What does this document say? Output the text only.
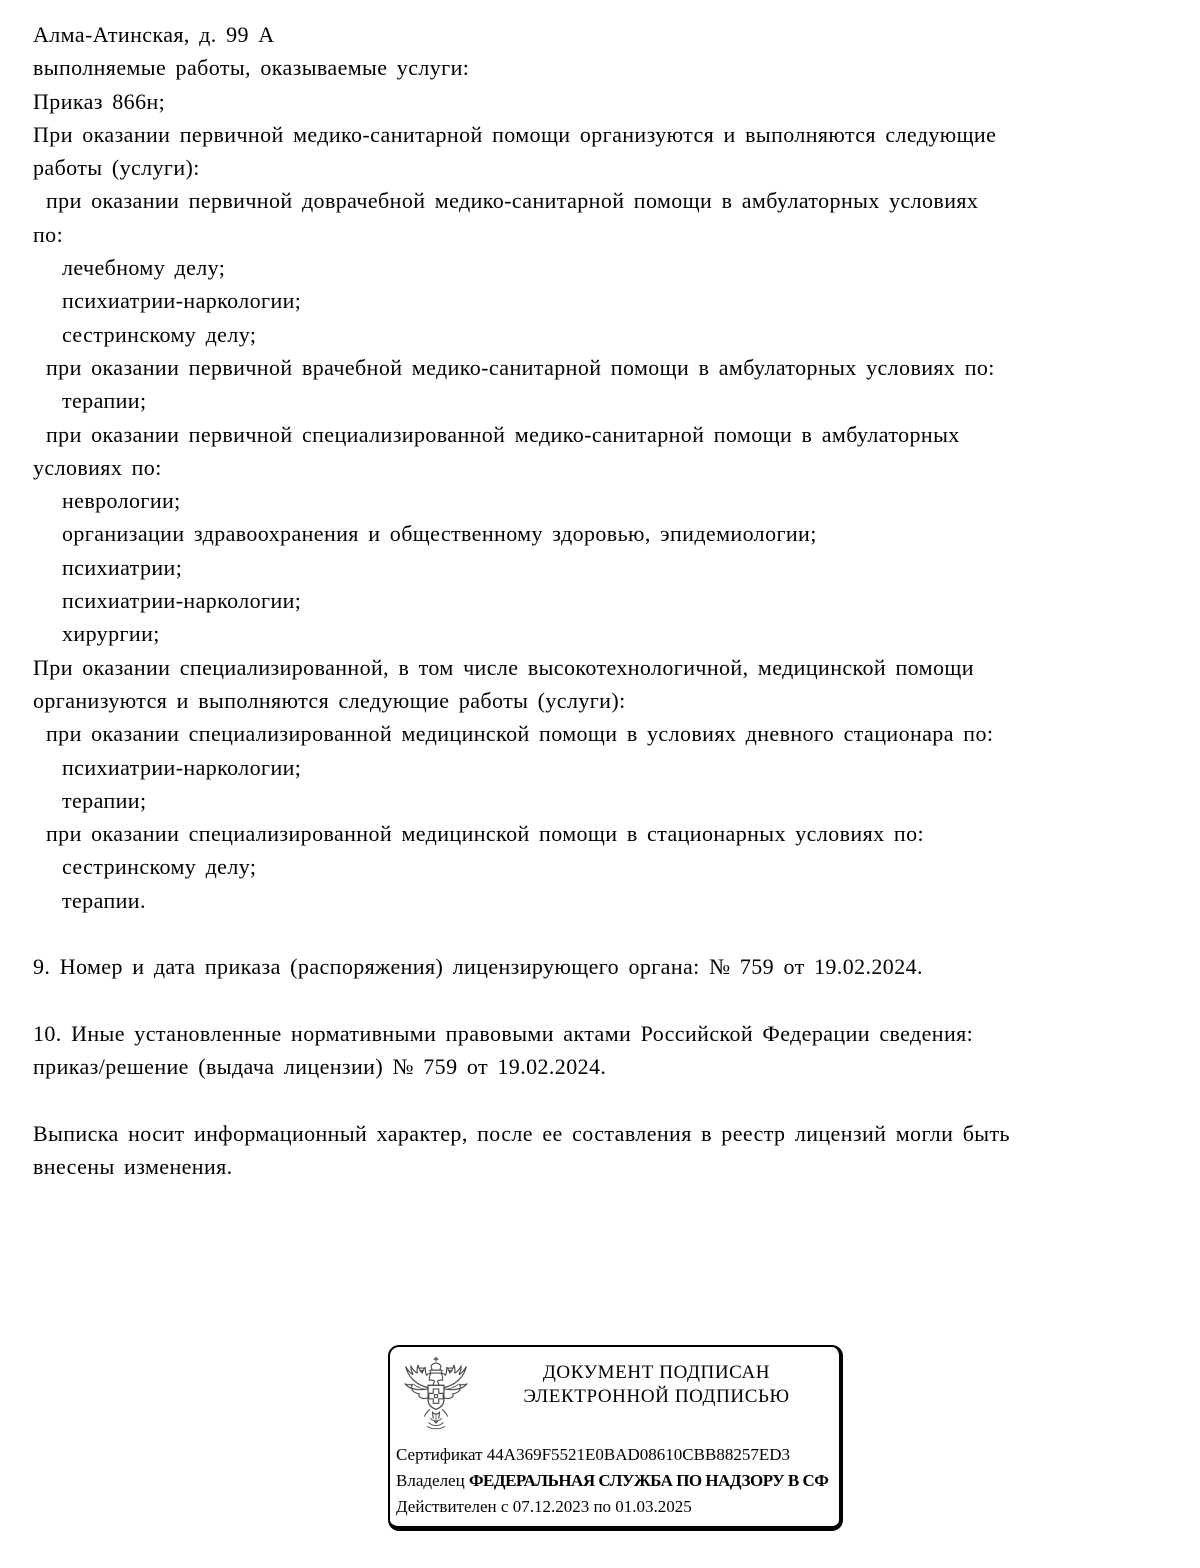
Алма-Атинская, д. 99 А
выполняемые работы, оказываемые услуги:
Приказ 866н;
При оказании первичной медико-санитарной помощи организуются и выполняются следующие
работы (услуги):
при оказании первичной доврачебной медико-санитарной помощи в амбулаторных условиях
по:
лечебному делу;
психиатрии-наркологии;
сестринскому делу;
при оказании первичной врачебной медико-санитарной помощи в амбулаторных условиях по:
терапии;
при оказании первичной специализированной медико-санитарной помощи в амбулаторных
условиях по:
неврологии;
организации здравоохранения и общественному здоровью, эпидемиологии;
психиатрии;
психиатрии-наркологии;
хирургии;
При оказании специализированной, в том числе высокотехнологичной, медицинской помощи
организуются и выполняются следующие работы (услуги):
при оказании специализированной медицинской помощи в условиях дневного стационара по:
психиатрии-наркологии;
терапии;
при оказании специализированной медицинской помощи в стационарных условиях по:
сестринскому делу;
терапии.

9. Номер и дата приказа (распоряжения) лицензирующего органа: № 759 от 19.02.2024.

10. Иные установленные нормативными правовыми актами Российской Федерации сведения:
приказ/решение (выдача лицензии) № 759 от 19.02.2024.

Выписка носит информационный характер, после ее составления в реестр лицензий могли быть
внесены изменения.
ДОКУМЕНТ ПОДПИСАН
ЭЛЕКТРОННОЙ ПОДПИСЬЮ
Сертификат 44A369F5521E0BAD08610CBB88257ED3
Владелец ФЕДЕРАЛЬНАЯ СЛУЖБА ПО НАДЗОРУ В СФ
Действителен с 07.12.2023 по 01.03.2025
